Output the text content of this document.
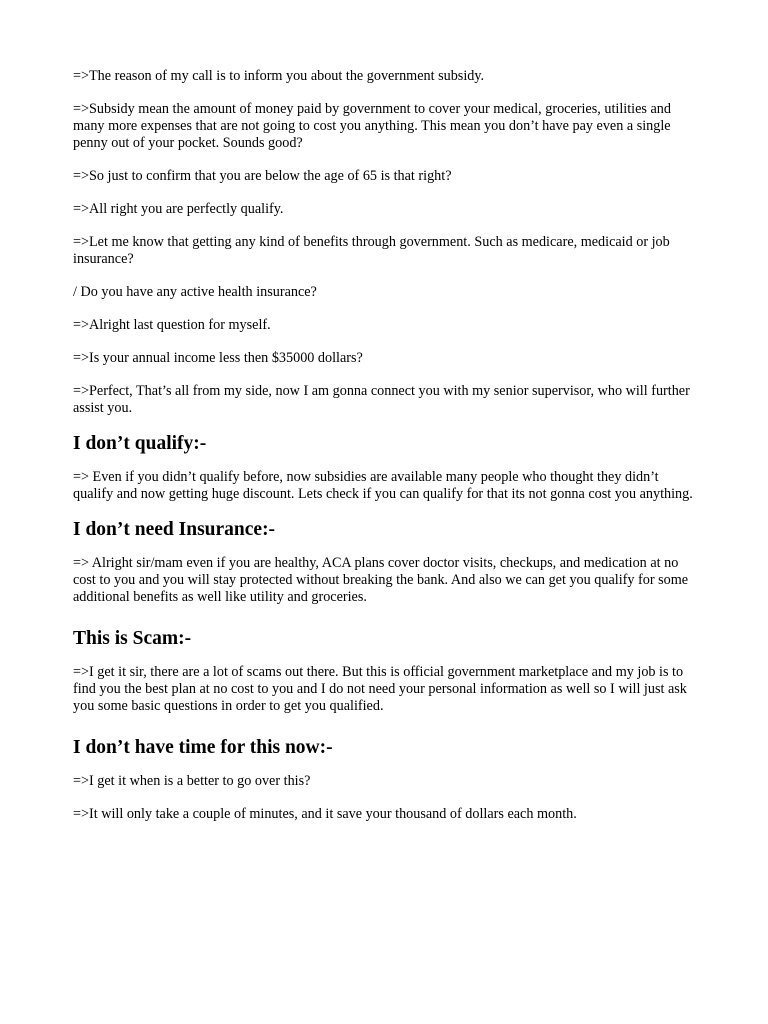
=>The reason of my call is to inform you about the government subsidy.

=>Subsidy mean the amount of money paid by government to cover your medical, groceries, utilities and many more expenses that are not going to cost you anything. This mean you don’t have pay even a single penny out of your pocket. Sounds good?

=>So just to confirm that you are below the age of 65 is that right?

=>All right you are perfectly qualify.

=>Let me know that getting any kind of benefits through government. Such as medicare, medicaid or job insurance?

/ Do you have any active health insurance?

=>Alright last question for myself.

=>Is your annual income less then $35000 dollars?

=>Perfect, That’s all from my side, now I am gonna connect you with my senior supervisor, who will further assist you.

I don’t qualify:-

=> Even if you didn’t qualify before, now subsidies are available many people who thought they didn’t qualify and now getting huge discount. Lets check if you can qualify for that its not gonna cost you anything.

I don’t need Insurance:-

=> Alright sir/mam even if you are healthy, ACA plans cover doctor visits, checkups, and medication at no cost to you and you will stay protected without breaking the bank. And also we can get you qualify for some additional benefits as well like utility and groceries.

This is Scam:-

=>I get it sir, there are a lot of scams out there. But this is official government marketplace and my job is to find you the best plan at no cost to you and I do not need your personal information as well so I will just ask you some basic questions in order to get you qualified.

I don’t have time for this now:-

=>I get it when is a better to go over this?

=>It will only take a couple of minutes, and it save your thousand of dollars each month.
